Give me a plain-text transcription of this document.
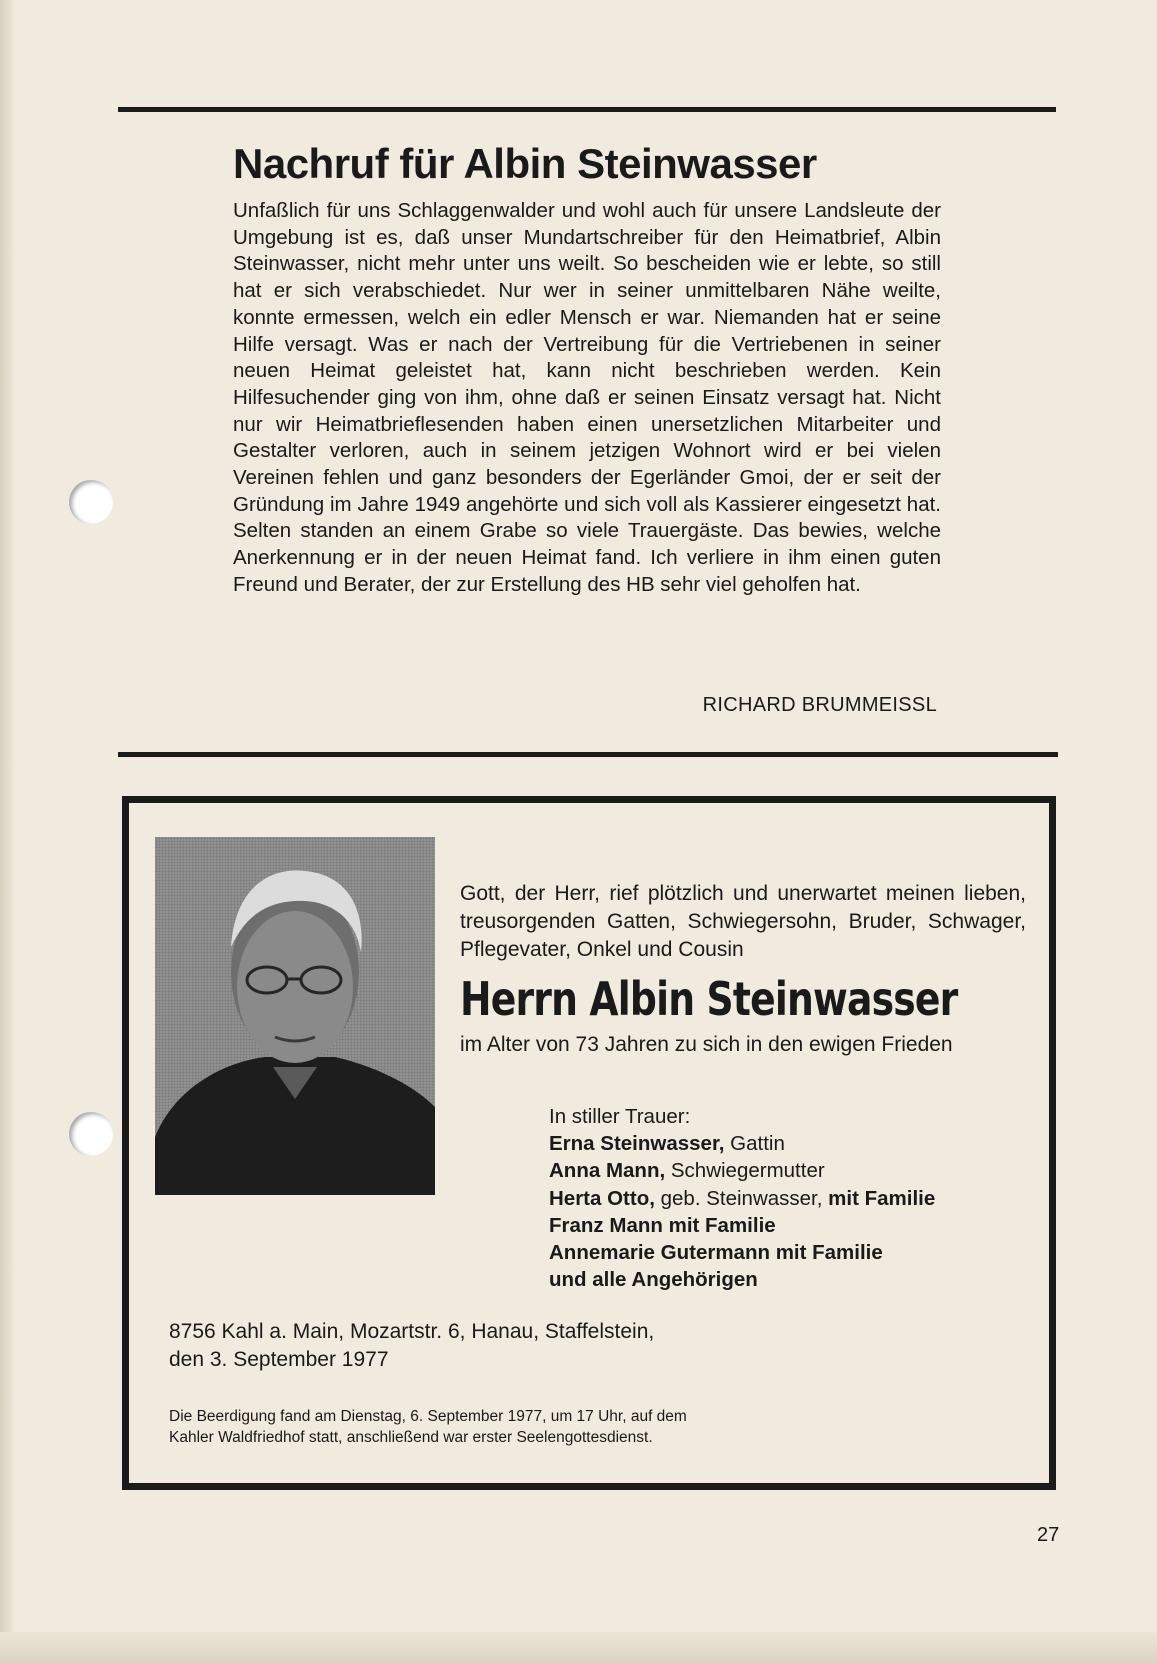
Nachruf für Albin Steinwasser

Unfaßlich für uns Schlaggenwalder und wohl auch für unsere Landsleute der Umgebung ist es, daß unser Mundartschreiber für den Heimatbrief, Albin Steinwasser, nicht mehr unter uns weilt. So bescheiden wie er lebte, so still hat er sich verabschiedet. Nur wer in seiner unmittelbaren Nähe weilte, konnte ermessen, welch ein edler Mensch er war. Niemanden hat er seine Hilfe versagt. Was er nach der Vertreibung für die Vertriebenen in seiner neuen Heimat geleistet hat, kann nicht beschrieben werden. Kein Hilfesuchender ging von ihm, ohne daß er seinen Einsatz versagt hat. Nicht nur wir Heimatbrieflesenden haben einen unersetzlichen Mitarbeiter und Gestalter verloren, auch in seinem jetzigen Wohnort wird er bei vielen Vereinen fehlen und ganz besonders der Egerländer Gmoi, der er seit der Gründung im Jahre 1949 angehörte und sich voll als Kassierer eingesetzt hat. Selten standen an einem Grabe so viele Trauergäste. Das bewies, welche Anerkennung er in der neuen Heimat fand. Ich verliere in ihm einen guten Freund und Berater, der zur Erstellung des HB sehr viel geholfen hat.

RICHARD BRUMMEISSL

Gott, der Herr, rief plötzlich und unerwartet meinen lieben, treusorgenden Gatten, Schwiegersohn, Bruder, Schwager, Pflegevater, Onkel und Cousin

Herrn Albin Steinwasser
im Alter von 73 Jahren zu sich in den ewigen Frieden
In stiller Trauer:
Erna Steinwasser, Gattin
Anna Mann, Schwiegermutter
Herta Otto, geb. Steinwasser, mit Familie
Franz Mann mit Familie
Annemarie Gutermann mit Familie
und alle Angehörigen
8756 Kahl a. Main, Mozartstr. 6, Hanau, Staffelstein,
den 3. September 1977
Die Beerdigung fand am Dienstag, 6. September 1977, um 17 Uhr, auf dem
Kahler Waldfriedhof statt, anschließend war erster Seelengottesdienst.
27
